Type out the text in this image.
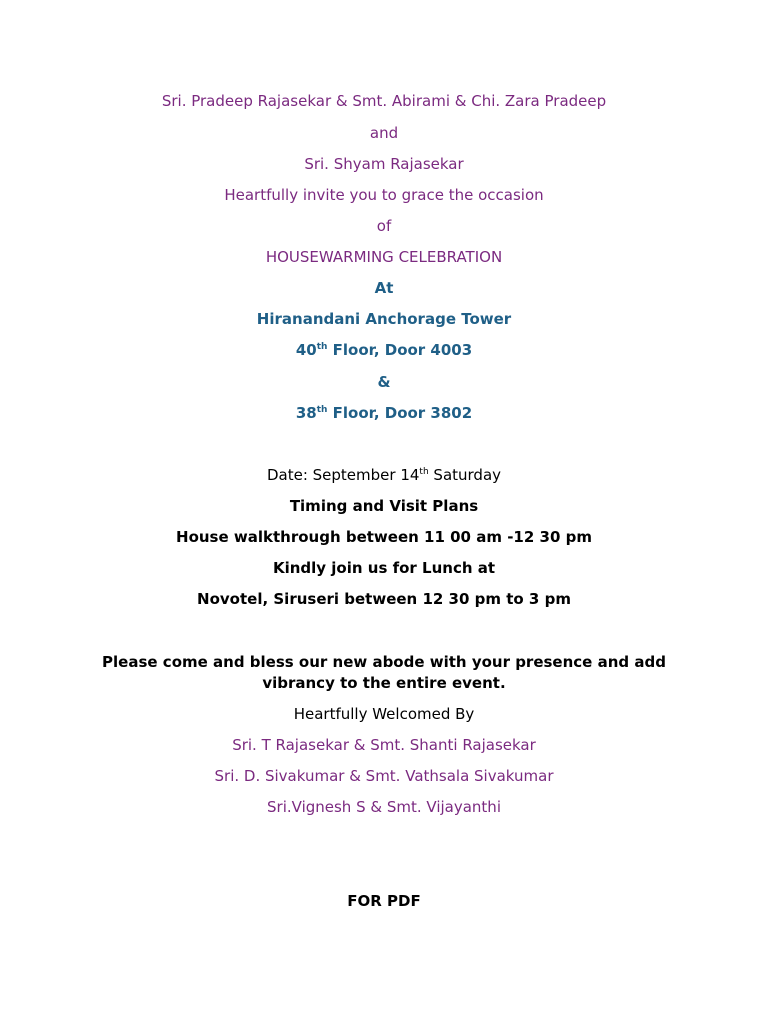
Sri. Pradeep Rajasekar & Smt. Abirami & Chi. Zara Pradeep
and
Sri. Shyam Rajasekar
Heartfully invite you to grace the occasion
of
HOUSEWARMING CELEBRATION
At
Hiranandani Anchorage Tower
40th Floor, Door 4003
&
38th Floor, Door 3802
Date: September 14th Saturday
Timing and Visit Plans
House walkthrough between 11 00 am -12 30 pm
Kindly join us for Lunch at
Novotel, Siruseri between 12 30 pm to 3 pm
Please come and bless our new abode with your presence and add vibrancy to the entire event.
Heartfully Welcomed By
Sri. T Rajasekar & Smt. Shanti Rajasekar
Sri. D. Sivakumar & Smt. Vathsala Sivakumar
Sri.Vignesh S & Smt. Vijayanthi
FOR PDF
